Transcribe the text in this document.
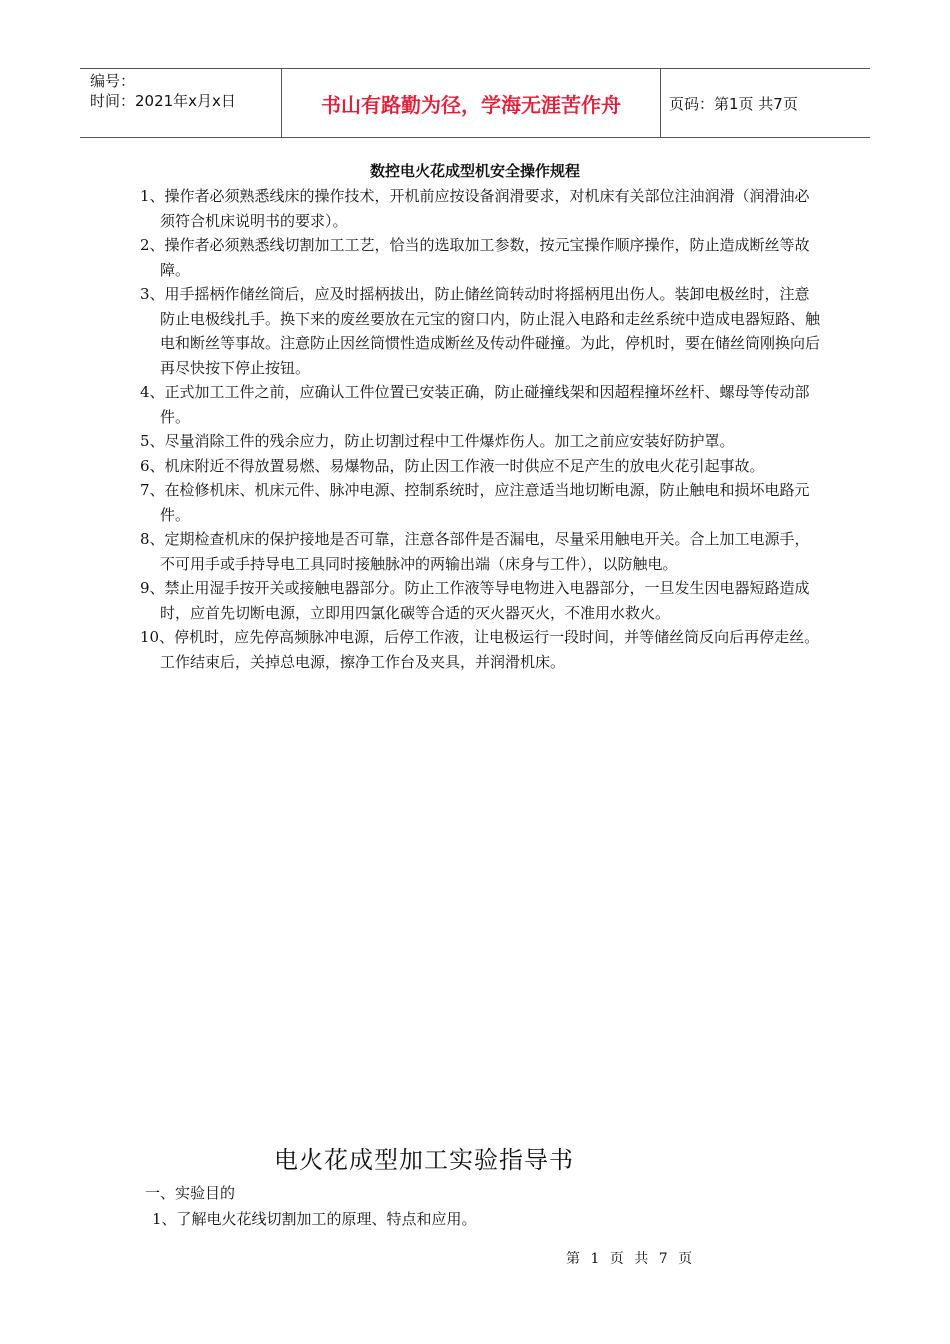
编号：
时间：2021年x月x日	书山有路勤为径，学海无涯苦作舟	页码：第1页 共7页
数控电火花成型机安全操作规程
1、操作者必须熟悉线床的操作技术，开机前应按设备润滑要求，对机床有关部位注油润滑（润滑油必须符合机床说明书的要求）。
2、操作者必须熟悉线切割加工工艺，恰当的选取加工参数，按元宝操作顺序操作，防止造成断丝等故障。
3、用手摇柄作储丝筒后，应及时摇柄拔出，防止储丝筒转动时将摇柄甩出伤人。装卸电极丝时，注意防止电极线扎手。换下来的废丝要放在元宝的窗口内，防止混入电路和走丝系统中造成电器短路、触电和断丝等事故。注意防止因丝筒惯性造成断丝及传动件碰撞。为此，停机时，要在储丝筒刚换向后再尽快按下停止按钮。
4、正式加工工件之前，应确认工件位置已安装正确，防止碰撞线架和因超程撞坏丝杆、螺母等传动部件。
5、尽量消除工件的残余应力，防止切割过程中工件爆炸伤人。加工之前应安装好防护罩。
6、机床附近不得放置易燃、易爆物品，防止因工作液一时供应不足产生的放电火花引起事故。
7、在检修机床、机床元件、脉冲电源、控制系统时，应注意适当地切断电源，防止触电和损坏电路元件。
8、定期检查机床的保护接地是否可靠，注意各部件是否漏电，尽量采用触电开关。合上加工电源手，不可用手或手持导电工具同时接触脉冲的两输出端（床身与工件），以防触电。
9、禁止用湿手按开关或接触电器部分。防止工作液等导电物进入电器部分，一旦发生因电器短路造成时，应首先切断电源，立即用四氯化碳等合适的灭火器灭火，不准用水救火。
10、停机时，应先停高频脉冲电源，后停工作液，让电极运行一段时间，并等储丝筒反向后再停走丝。工作结束后，关掉总电源，擦净工作台及夹具，并润滑机床。
电火花成型加工实验指导书
一、实验目的
1、了解电火花线切割加工的原理、特点和应用。
第 1 页 共 7 页
